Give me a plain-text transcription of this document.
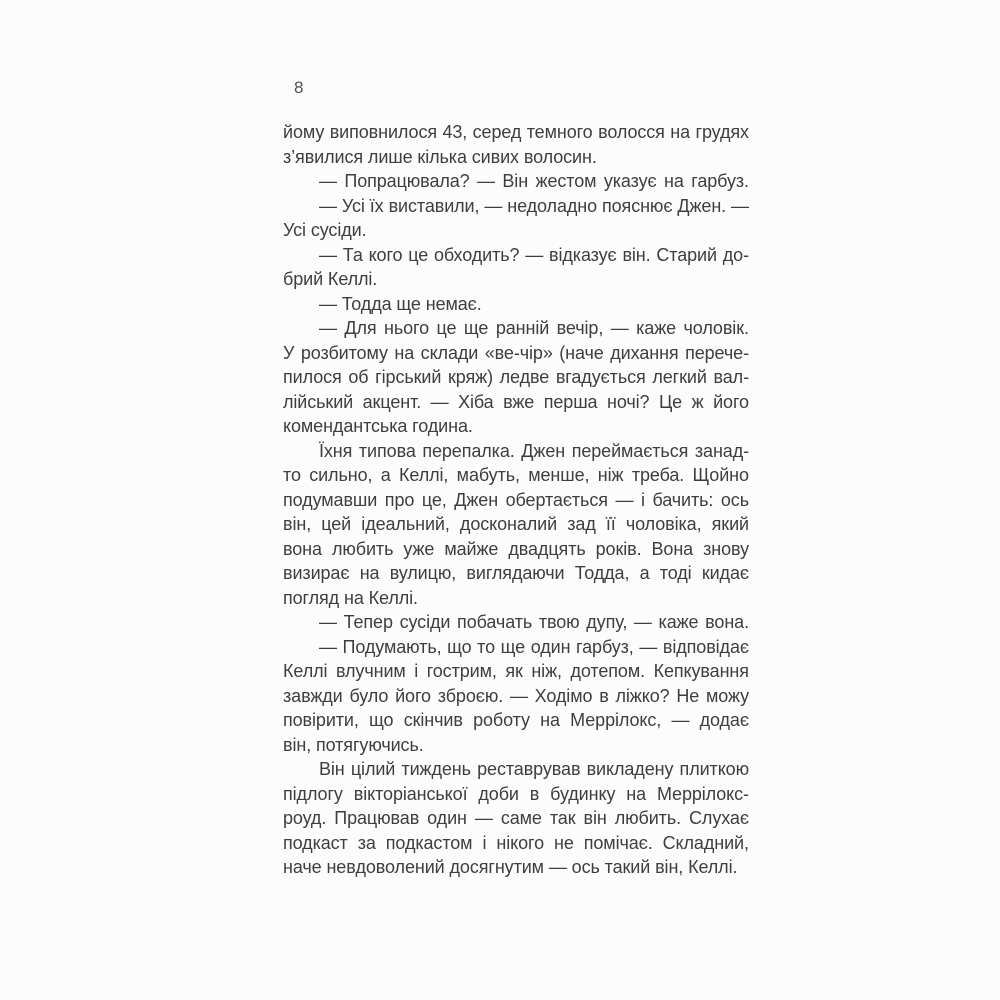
8
йому виповнилося 43, серед темного волосся на грудях
з’явилися лише кілька сивих волосин.
— Попрацювала? — Він жестом указує на гарбуз.
— Усі їх виставили, — недоладно пояснює Джен. —
Усі сусіди.
— Та кого це обходить? — відказує він. Старий до-
брий Келлі.
— Тодда ще немає.
— Для нього це ще ранній вечір, — каже чоловік.
У розбитому на склади «ве-чір» (наче дихання перече-
пилося об гірський кряж) ледве вгадується легкий вал-
лійський акцент. — Хіба вже перша ночі? Це ж його
комендантська година.
Їхня типова перепалка. Джен переймається занад-
то сильно, а Келлі, мабуть, менше, ніж треба. Щойно
подумавши про це, Джен обертається — і бачить: ось
він, цей ідеальний, досконалий зад її чоловіка, який
вона любить уже майже двадцять років. Вона знову
визирає на вулицю, виглядаючи Тодда, а тоді кидає
погляд на Келлі.
— Тепер сусіди побачать твою дупу, — каже вона.
— Подумають, що то ще один гарбуз, — відповідає
Келлі влучним і гострим, як ніж, дотепом. Кепкування
завжди було його зброєю. — Ходімо в ліжко? Не можу
повірити, що скінчив роботу на Меррілокс, — додає
він, потягуючись.
Він цілий тиждень реставрував викладену плиткою
підлогу вікторіанської доби в будинку на Меррілокс-
роуд. Працював один — саме так він любить. Слухає
подкаст за подкастом і нікого не помічає. Складний,
наче невдоволений досягнутим — ось такий він, Келлі.
